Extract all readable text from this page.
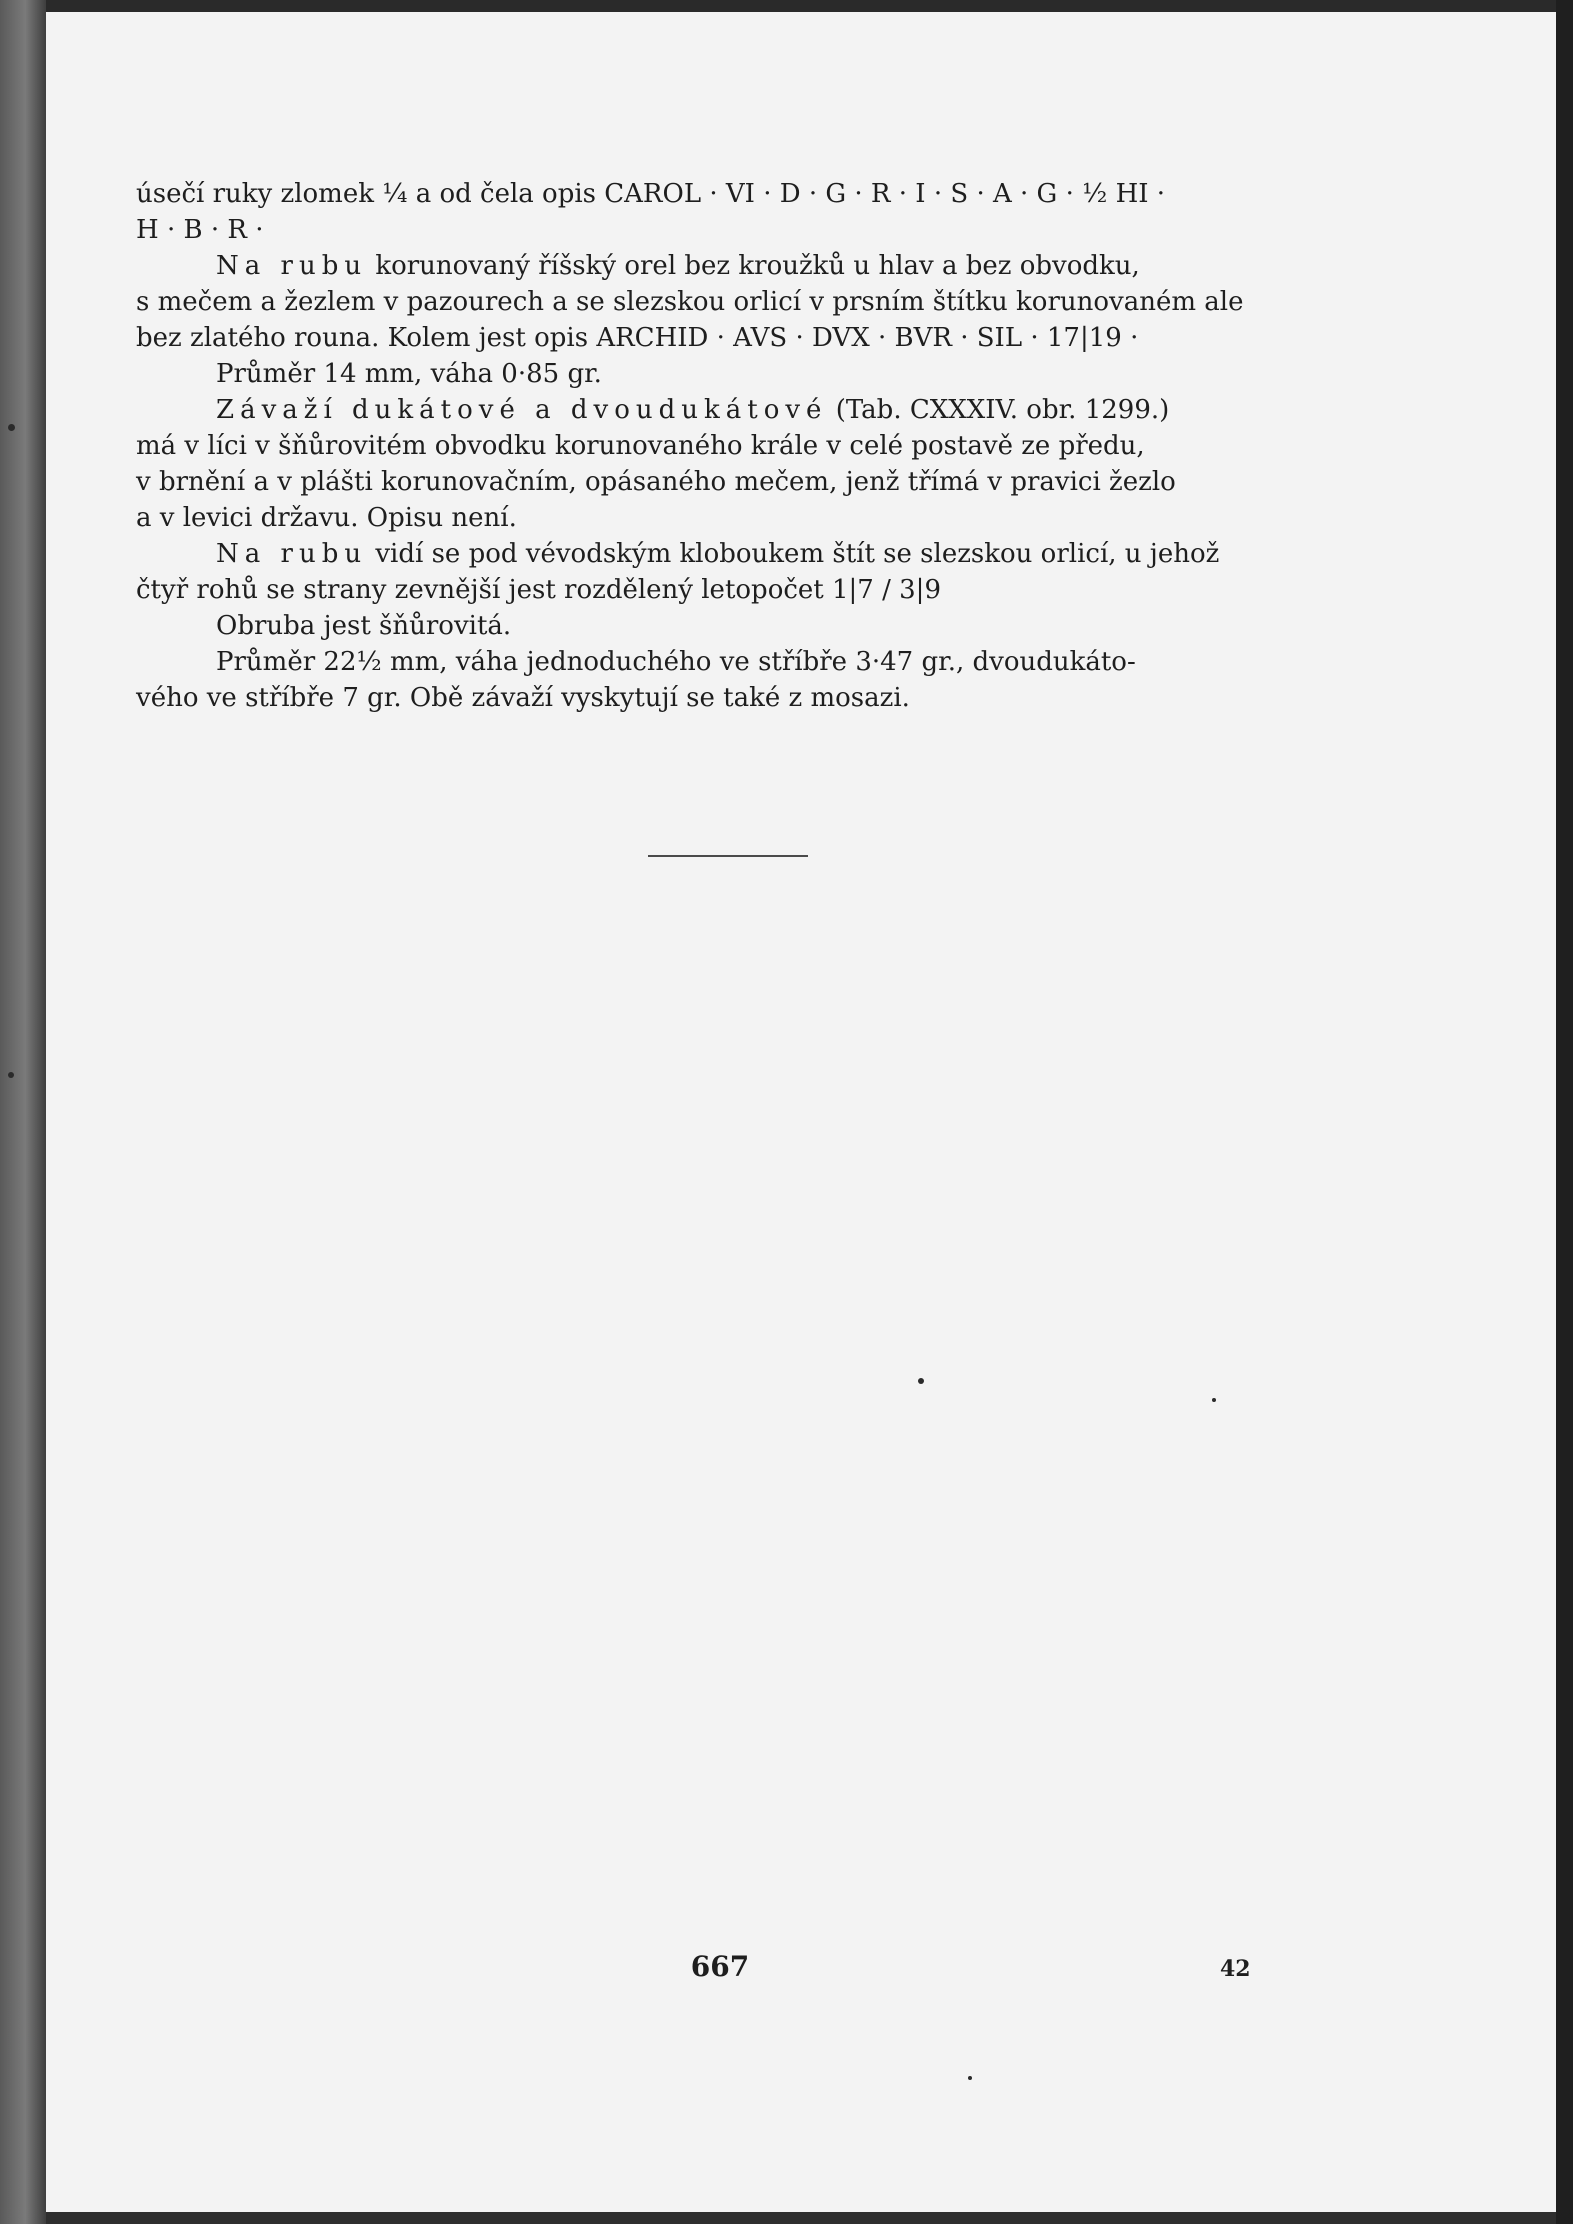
úsečí ruky zlomek ¼ a od čela opis CAROL · VI · D · G · R · I · S · A · G · ½ HI ·
H · B · R ·

Na rubu korunovaný říšský orel bez kroužků u hlav a bez obvodku,
s mečem a žezlem v pazourech a se slezskou orlicí v prsním štítku korunovaném ale
bez zlatého rouna. Kolem jest opis ARCHID · AVS · DVX · BVR · SIL · 17|19 ·

Průměr 14 mm, váha 0·85 gr.

Závaží dukátové a dvoudukátové (Tab. CXXXIV. obr. 1299.)
má v líci v šňůrovitém obvodku korunovaného krále v celé postavě ze předu,
v brnění a v plášti korunovačním, opásaného mečem, jenž třímá v pravici žezlo
a v levici državu. Opisu není.

Na rubu vidí se pod vévodským kloboukem štít se slezskou orlicí, u jehož
čtyř rohů se strany zevnější jest rozdělený letopočet 1|7 / 3|9

Obruba jest šňůrovitá.

Průměr 22½ mm, váha jednoduchého ve stříbře 3·47 gr., dvoudukáto-
vého ve stříbře 7 gr. Obě závaží vyskytují se také z mosazi.

667	42
